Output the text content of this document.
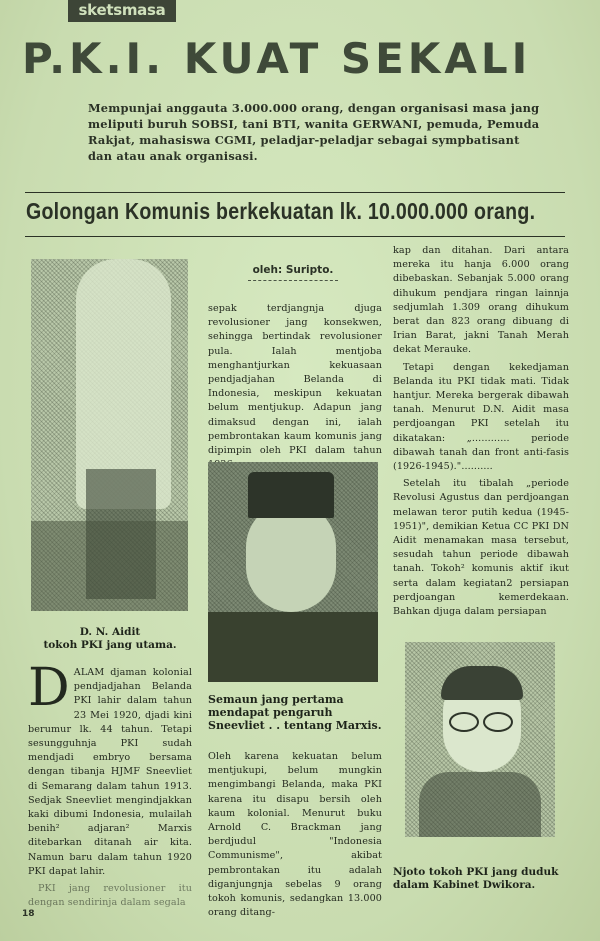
sketsmasa
P.K.I. KUAT SEKALI
Mempunjai anggauta 3.000.000 orang, dengan organisasi masa jang meliputi buruh SOBSI, tani BTI, wanita GERWANI, pemuda, Pemuda Rakjat, mahasiswa CGMI, peladjar-peladjar sebagai sympbatisant dan atau anak organisasi.
Golongan Komunis berkekuatan lk. 10.000.000 orang.
D. N. Aidit
tokoh PKI jang utama.
oleh: Suripto.

sepak terdjangnja djuga revolusioner jang konsekwen, sehingga bertindak revolusioner pula. Ialah mentjoba menghantjurkan kekuasaan pendjadjahan Belanda di Indonesia, meskipun kekuatan belum mentjukup. Adapun jang dimaksud dengan ini, ialah pembrontakan kaum komunis jang dipimpin oleh PKI dalam tahun

Semaun jang pertama mendapat pengaruh Sneevliet . . tentang Marxis.

Oleh karena kekuatan belum mentjukupi, belum mungkin mengimbangi Belanda, maka PKI karena itu disapu bersih oleh kaum kolonial. Menurut buku Arnold C. Brackman jang berdjudul "Indonesia Communisme", akibat pembrontakan itu adalah diganjungnja sebelas 9 orang tokoh komunis, sedangkan 13.000 orang ditang-

kap dan ditahan. Dari antara mereka itu hanja 6.000 orang dibebaskan. Sebanjak 5.000 orang dihukum pendjara ringan lainnja sedjumlah 1.309 orang dihukum berat dan 823 orang dibuang di Irian Barat, jakni Tanah Merah dekat Merauke.

Tetapi dengan kekedjaman Belanda itu PKI tidak mati. Tidak hantjur. Mereka bergerak dibawah tanah. Menurut D.N. Aidit masa perdjoangan PKI setelah itu dikatakan: „............ periode dibawah tanah dan front anti-fasis (1926-1945)."..........

Setelah itu tibalah „periode Revolusi Agustus dan perdjoangan melawan teror putih kedua (1945-1951)", demikian Ketua CC PKI DN Aidit menamakan masa tersebut, sesudah tahun periode dibawah tanah. Tokoh² komunis aktif ikut serta dalam kegiatan2 persiapan perdjoangan kemerdekaan. Bahkan djuga dalam persiapan

Njoto tokoh PKI jang duduk dalam Kabinet Dwikora.

DALAM djaman kolonial pendjadjahan Belanda PKI lahir dalam tahun 23 Mei 1920, djadi kini berumur lk. 44 tahun. Tetapi sesungguhnja PKI sudah mendjadi embryo bersama dengan tibanja HJMF Sneevliet di Semarang dalam tahun 1913. Sedjak Sneevliet mengindjakkan kaki dibumi Indonesia, mulailah benih² adjaran² Marxis ditebarkan ditanah air kita. Namun baru dalam tahun 1920 PKI dapat lahir.

PKI jang revolusioner itu dengan sendirinja dalam segala

18
